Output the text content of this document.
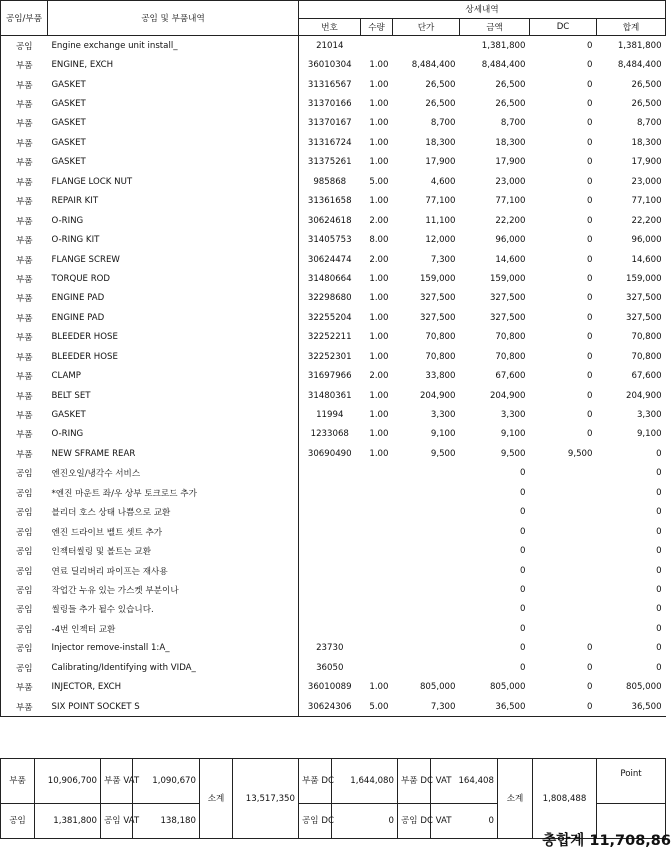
공임/부품	공임 및 부품내역	상세내역					
		번호	수량	단가	금액	DC	합계
공임	Engine exchange unit install_	21014			1,381,800	0	1,381,800
부품	ENGINE, EXCH	36010304	1.00	8,484,400	8,484,400	0	8,484,400
부품	GASKET	31316567	1.00	26,500	26,500	0	26,500
부품	GASKET	31370166	1.00	26,500	26,500	0	26,500
부품	GASKET	31370167	1.00	8,700	8,700	0	8,700
부품	GASKET	31316724	1.00	18,300	18,300	0	18,300
부품	GASKET	31375261	1.00	17,900	17,900	0	17,900
부품	FLANGE LOCK NUT	985868	5.00	4,600	23,000	0	23,000
부품	REPAIR KIT	31361658	1.00	77,100	77,100	0	77,100
부품	O-RING	30624618	2.00	11,100	22,200	0	22,200
부품	O-RING KIT	31405753	8.00	12,000	96,000	0	96,000
부품	FLANGE SCREW	30624474	2.00	7,300	14,600	0	14,600
부품	TORQUE ROD	31480664	1.00	159,000	159,000	0	159,000
부품	ENGINE PAD	32298680	1.00	327,500	327,500	0	327,500
부품	ENGINE PAD	32255204	1.00	327,500	327,500	0	327,500
부품	BLEEDER HOSE	32252211	1.00	70,800	70,800	0	70,800
부품	BLEEDER HOSE	32252301	1.00	70,800	70,800	0	70,800
부품	CLAMP	31697966	2.00	33,800	67,600	0	67,600
부품	BELT SET	31480361	1.00	204,900	204,900	0	204,900
부품	GASKET	11994	1.00	3,300	3,300	0	3,300
부품	O-RING	1233068	1.00	9,100	9,100	0	9,100
부품	NEW SFRAME REAR	30690490	1.00	9,500	9,500	9,500	0
공임	엔진오일/냉각수 서비스				0		0
공임	*엔진 마운트 좌/우 상부 토크로드 추가				0		0
공임	블리더 호스 상태 나쁨으로 교환				0		0
공임	엔진 드라이브 벨트 셋트 추가				0		0
공임	인젝터씰링 및 볼트는 교환				0		0
공임	연료 딜리버리 파이프는 재사용				0		0
공임	작업간 누유 있는 가스켓 부분이나				0		0
공임	씰링들 추가 될수 있습니다.				0		0
공임	-4번 인젝터 교환				0		0
공임	Injector remove-install 1:A_	23730			0	0	0
공임	Calibrating/Identifying with VIDA_	36050			0	0	0
부품	INJECTOR, EXCH	36010089	1.00	805,000	805,000	0	805,000
부품	SIX POINT SOCKET S	30624306	5.00	7,300	36,500	0	36,500
부품	10,906,700	부품 VAT	1,090,670	소계	13,517,350	부품 DC	1,644,080	부품 DC VAT	164,408	소계	1,808,488	Point
공임	1,381,800	공임 VAT	138,180			공임 DC	0	공임 DC VAT	0			
총합계 11,708,86
